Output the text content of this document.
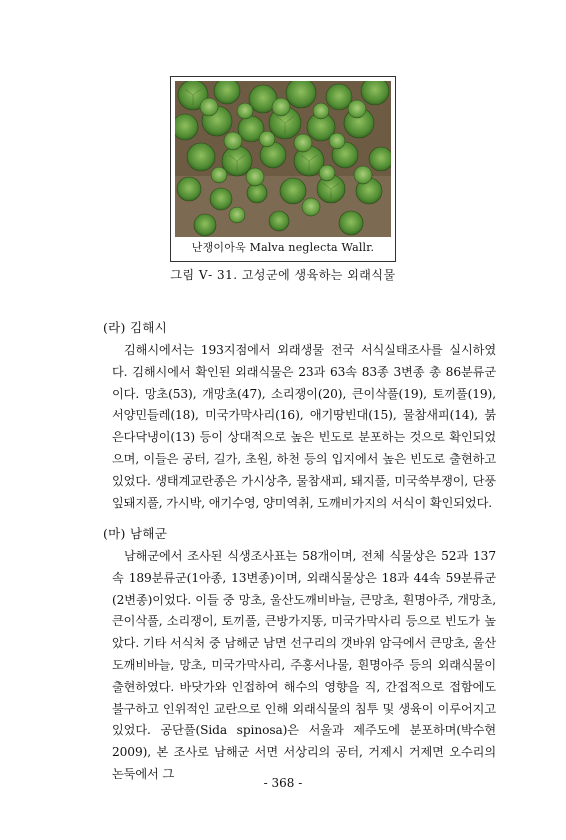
난쟁이아욱 Malva neglecta Wallr.
그림 Ⅴ- 31. 고성군에 생육하는 외래식물
(라) 김해시

김해시에서는 193지점에서 외래생물 전국 서식실태조사를 실시하였다. 김해시에서 확인된 외래식물은 23과 63속 83종 3변종 총 86분류군이다. 망초(53), 개망초(47), 소리쟁이(20), 큰이삭풀(19), 토끼풀(19), 서양민들레(18), 미국가막사리(16), 애기땅빈대(15), 물참새피(14), 붉은다닥냉이(13) 등이 상대적으로 높은 빈도로 분포하는 것으로 확인되었으며, 이들은 공터, 길가, 초원, 하천 등의 입지에서 높은 빈도로 출현하고 있었다. 생태계교란종은 가시상추, 물참새피, 돼지풀, 미국쑥부쟁이, 단풍잎돼지풀, 가시박, 애기수영, 양미역취, 도깨비가지의 서식이 확인되었다.

(마) 남해군

남해군에서 조사된 식생조사표는 58개이며, 전체 식물상은 52과 137속 189분류군(1아종, 13변종)이며, 외래식물상은 18과 44속 59분류군(2변종)이었다. 이들 중 망초, 울산도깨비바늘, 큰망초, 흰명아주, 개망초, 큰이삭풀, 소리쟁이, 토끼풀, 큰방가지똥, 미국가막사리 등으로 빈도가 높았다. 기타 서식처 중 남해군 남면 선구리의 갯바위 암극에서 큰망초, 울산도깨비바늘, 망초, 미국가막사리, 주홍서나물, 흰명아주 등의 외래식물이 출현하였다. 바닷가와 인접하여 해수의 영향을 직, 간접적으로 접함에도 불구하고 인위적인 교란으로 인해 외래식물의 침투 및 생육이 이루어지고 있었다. 공단풀(Sida spinosa)은 서울과 제주도에 분포하며(박수현 2009), 본 조사로 남해군 서면 서상리의 공터, 거제시 거제면 오수리의 논둑에서 그

- 368 -
